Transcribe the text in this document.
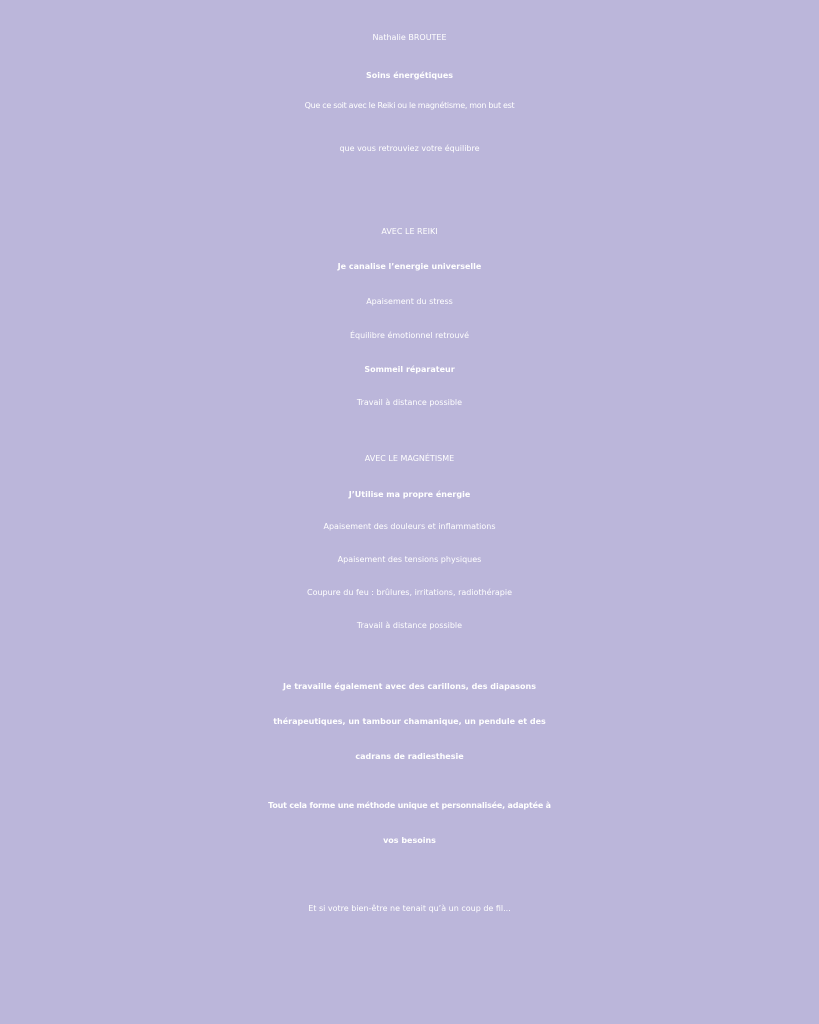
Nathalie BROUTEE

Soins énergétiques

Que ce soit avec le Reiki ou le magnétisme, mon but est

que vous retrouviez votre équilibre

AVEC LE REIKI

Je canalise l’energie universelle

Apaisement du stress

Équilibre émotionnel retrouvé

Sommeil réparateur

Travail à distance possible

AVEC LE MAGNÉTISME

J’Utilise ma propre énergie

Apaisement des douleurs et inflammations

Apaisement des tensions physiques

Coupure du feu : brûlures, irritations, radiothérapie

Travail à distance possible

Je travaille également avec des carillons, des diapasons

thérapeutiques, un tambour chamanique, un pendule et des

cadrans de radiesthesie

Tout cela forme une méthode unique et personnalisée, adaptée à

vos besoins

Et si votre bien-être ne tenait qu’à un coup de fil...
